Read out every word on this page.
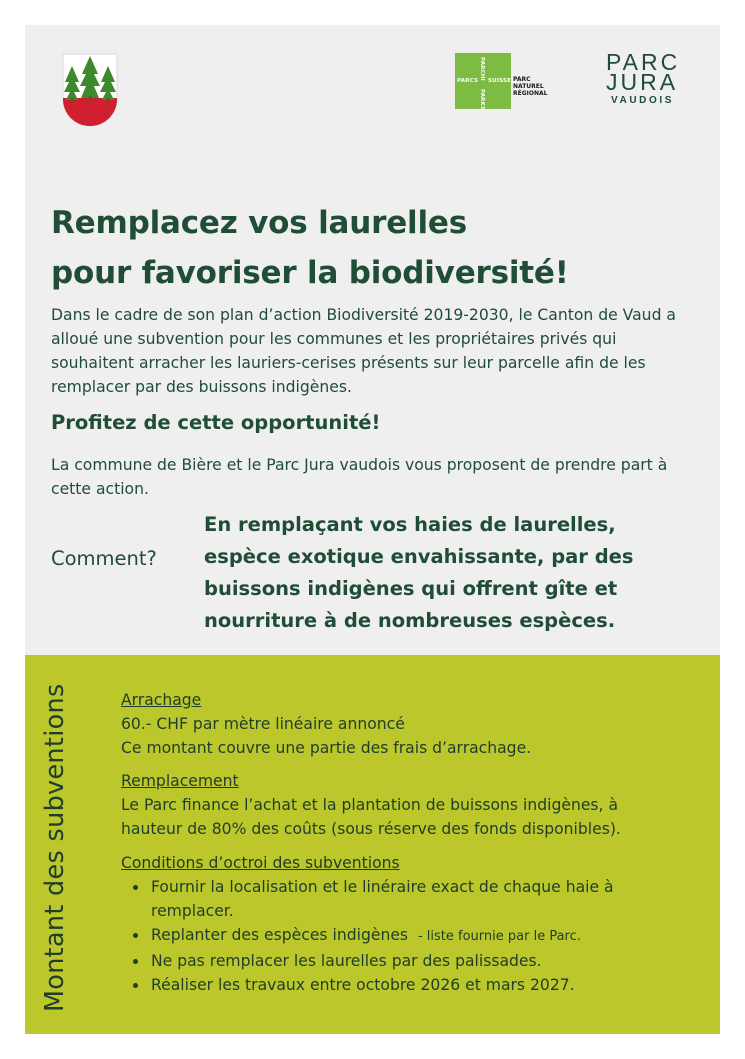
PARCS
PARCHI
SUISSES
PARKS
PARC NATUREL RÉGIONAL
PARC
JURA
VAUDOIS
Remplacez vos laurelles
pour favoriser la biodiversité!
Dans le cadre de son plan d’action Biodiversité 2019-2030, le Canton de Vaud a alloué une subvention pour les communes et les propriétaires privés qui souhaitent arracher les lauriers-cerises présents sur leur parcelle afin de les remplacer par des buissons indigènes.
Profitez de cette opportunité!
La commune de Bière et le Parc Jura vaudois vous proposent de prendre part à cette action.
Comment?
En remplaçant vos haies de laurelles, espèce exotique envahissante, par des buissons indigènes qui offrent gîte et nourriture à de nombreuses espèces.
Montant des subventions	Arrachage
60.- CHF par mètre linéaire annoncé
Ce montant couvre une partie des frais d’arrachage.
Remplacement
Le Parc finance l’achat et la plantation de buissons indigènes, à hauteur de 80% des coûts (sous réserve des fonds disponibles).
Conditions d’octroi des subventions
Fournir la localisation et le linéraire exact de chaque haie à remplacer.
Replanter des espèces indigènes - liste fournie par le Parc.
Ne pas remplacer les laurelles par des palissades.
Réaliser les travaux entre octobre 2026 et mars 2027.
